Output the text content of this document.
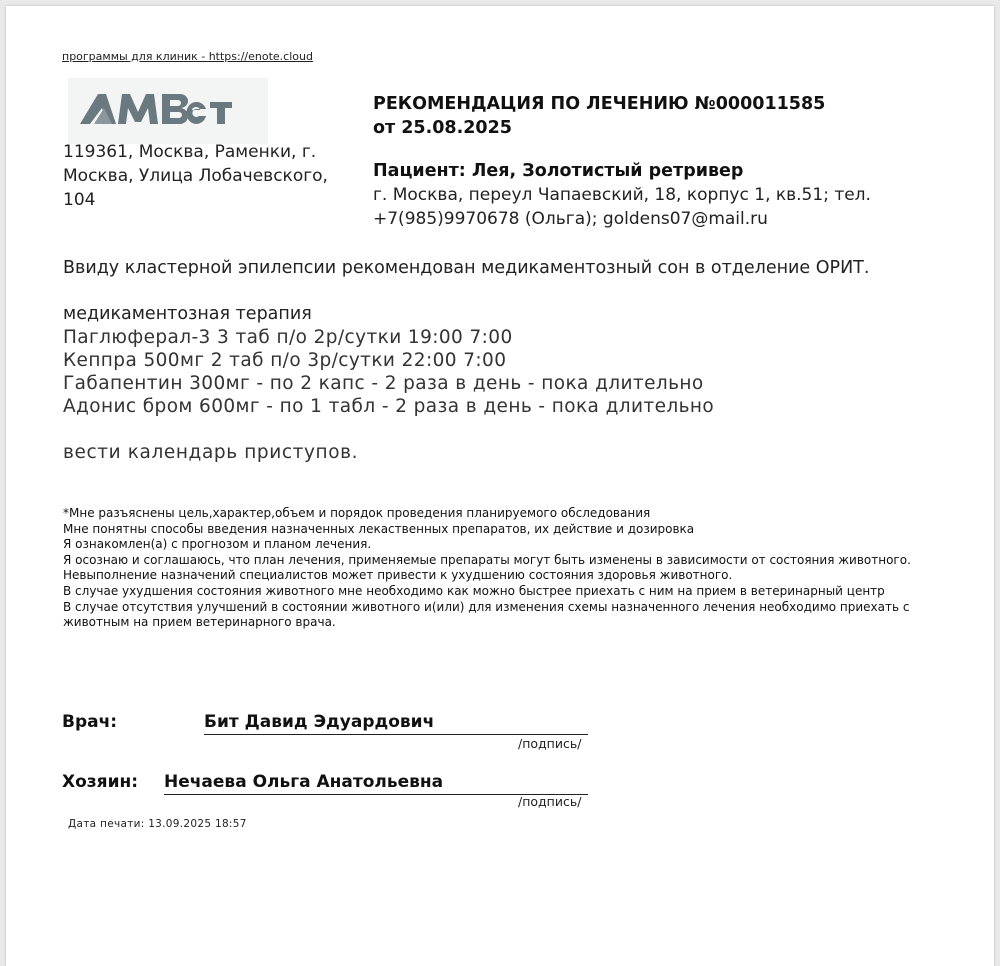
программы для клиник - https://enote.cloud
119361, Москва, Раменки, г. Москва, Улица Лобачевского, 104
РЕКОМЕНДАЦИЯ ПО ЛЕЧЕНИЮ №000011585
от 25.08.2025
Пациент: Лея, Золотистый ретривер
г. Москва, переул Чапаевский, 18, корпус 1, кв.51; тел. +7(985)9970678 (Ольга); goldens07@mail.ru
Ввиду кластерной эпилепсии рекомендован медикаментозный сон в отделение ОРИТ.
медикаментозная терапия
Паглюферал-3 3 таб п/о 2р/сутки 19:00 7:00
Кеппра 500мг 2 таб п/о 3р/сутки 22:00 7:00
Габапентин 300мг - по 2 капс - 2 раза в день - пока длительно
Адонис бром 600мг - по 1 табл - 2 раза в день - пока длительно
вести календарь приступов.
*Мне разъяснены цель,характер,объем и порядок проведения планируемого обследования
Мне понятны способы введения назначенных лекаственных препаратов, их действие и дозировка
Я ознакомлен(а) с прогнозом и планом лечения.
Я осознаю и соглашаюсь, что план лечения, применяемые препараты могут быть изменены в зависимости от состояния животного.
Невыполнение назначений специалистов может привести к ухудшению состояния здоровья животного.
В случае ухудшения состояния животного мне необходимо как можно быстрее приехать с ним на прием в ветеринарный центр
В случае отсутствия улучшений в состоянии животного и(или) для изменения схемы назначенного лечения необходимо приехать с животным на прием ветеринарного врача.
Врач:	Бит Давид Эдуардович
/подпись/
Хозяин: Нечаева Ольга Анатольевна
/подпись/
Дата печати: 13.09.2025 18:57
